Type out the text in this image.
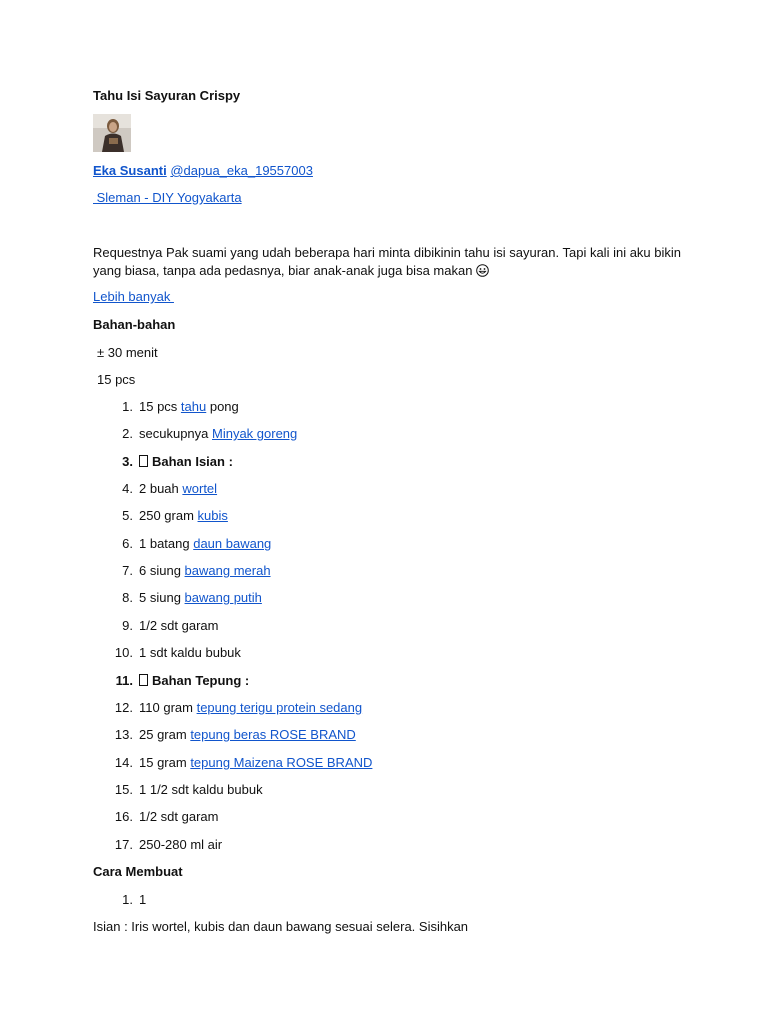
Tahu Isi Sayuran Crispy
Eka Susanti @dapua_eka_19557003
Sleman - DIY Yogyakarta
Requestnya Pak suami yang udah beberapa hari minta dibikinin tahu isi sayuran. Tapi kali ini aku bikin yang biasa, tanpa ada pedasnya, biar anak-anak juga bisa makan
Lebih banyak
Bahan-bahan
± 30 menit
15 pcs
1. 15 pcs tahu pong
2. secukupnya Minyak goreng
3. Bahan Isian :
4. 2 buah wortel
5. 250 gram kubis
6. 1 batang daun bawang
7. 6 siung bawang merah
8. 5 siung bawang putih
9. 1/2 sdt garam
10. 1 sdt kaldu bubuk
11. Bahan Tepung :
12. 110 gram tepung terigu protein sedang
13. 25 gram tepung beras ROSE BRAND
14. 15 gram tepung Maizena ROSE BRAND
15. 1 1/2 sdt kaldu bubuk
16. 1/2 sdt garam
17. 250-280 ml air
Cara Membuat
1. 1
Isian : Iris wortel, kubis dan daun bawang sesuai selera. Sisihkan
